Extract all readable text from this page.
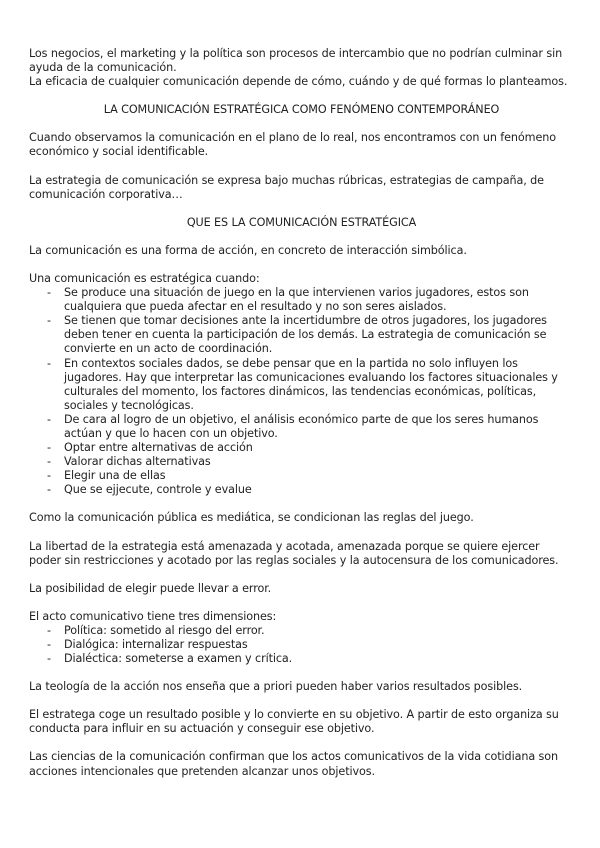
Los negocios, el marketing y la política son procesos de intercambio que no podrían culminar sin ayuda de la comunicación.

La eficacia de cualquier comunicación depende de cómo, cuándo y de qué formas lo planteamos.

LA COMUNICACIÓN ESTRATÉGICA COMO FENÓMENO CONTEMPORÁNEO

Cuando observamos la comunicación en el plano de lo real, nos encontramos con un fenómeno económico y social identificable.

La estrategia de comunicación se expresa bajo muchas rúbricas, estrategias de campaña, de comunicación corporativa…

QUE ES LA COMUNICACIÓN ESTRATÉGICA

La comunicación es una forma de acción, en concreto de interacción simbólica.

Una comunicación es estratégica cuando:

- Se produce una situación de juego en la que intervienen varios jugadores, estos son cualquiera que pueda afectar en el resultado y no son seres aislados.
- Se tienen que tomar decisiones ante la incertidumbre de otros jugadores, los jugadores deben tener en cuenta la participación de los demás. La estrategia de comunicación se convierte en un acto de coordinación.
- En contextos sociales dados, se debe pensar que en la partida no solo influyen los jugadores. Hay que interpretar las comunicaciones evaluando los factores situacionales y culturales del momento, los factores dinámicos, las tendencias económicas, políticas, sociales y tecnológicas.
- De cara al logro de un objetivo, el análisis económico parte de que los seres humanos actúan y que lo hacen con un objetivo.
- Optar entre alternativas de acción
- Valorar dichas alternativas
- Elegir una de ellas
- Que se ejjecute, controle y evalue

Como la comunicación pública es mediática, se condicionan las reglas del juego.

La libertad de la estrategia está amenazada y acotada, amenazada porque se quiere ejercer poder sin restricciones y acotado por las reglas sociales y la autocensura de los comunicadores.

La posibilidad de elegir puede llevar a error.

El acto comunicativo tiene tres dimensiones:

- Política: sometido al riesgo del error.
- Dialógica: internalizar respuestas
- Dialéctica: someterse a examen y crítica.

La teología de la acción nos enseña que a priori pueden haber varios resultados posibles.

El estratega coge un resultado posible y lo convierte en su objetivo. A partir de esto organiza su conducta para influir en su actuación y conseguir ese objetivo.

Las ciencias de la comunicación confirman que los actos comunicativos de la vida cotidiana son acciones intencionales que pretenden alcanzar unos objetivos.
